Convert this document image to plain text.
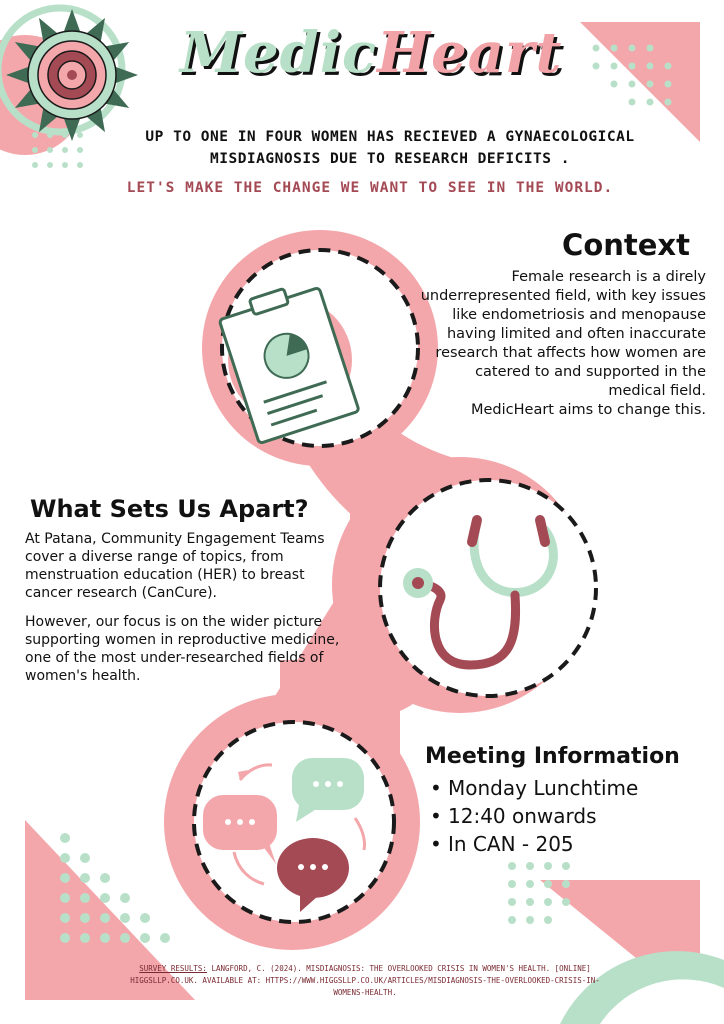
MedicHeart
UP TO ONE IN FOUR WOMEN HAS RECIEVED A GYNAECOLOGICAL
MISDIAGNOSIS DUE TO RESEARCH DEFICITS .
LET'S MAKE THE CHANGE WE WANT TO SEE IN THE WORLD.
Context

Female research is a direly underrepresented field, with key issues like endometriosis and menopause having limited and often inaccurate research that affects how women are catered to and supported in the medical field.

MedicHeart aims to change this.

What Sets Us Apart?

At Patana, Community Engagement Teams cover a diverse range of topics, from menstruation education (HER) to breast cancer research (CanCure).

However, our focus is on the wider picture supporting women in reproductive medicine, one of the most under-researched fields of women's health.

Meeting Information
• Monday Lunchtime
• 12:40 onwards
• In CAN - 205
SURVEY RESULTS: LANGFORD, C. (2024). MISDIAGNOSIS: THE OVERLOOKED CRISIS IN WOMEN'S HEALTH. [ONLINE] HIGGSLLP.CO.UK. AVAILABLE AT: HTTPS://WWW.HIGGSLLP.CO.UK/ARTICLES/MISDIAGNOSIS-THE-OVERLOOKED-CRISIS-IN-WOMENS-HEALTH.
